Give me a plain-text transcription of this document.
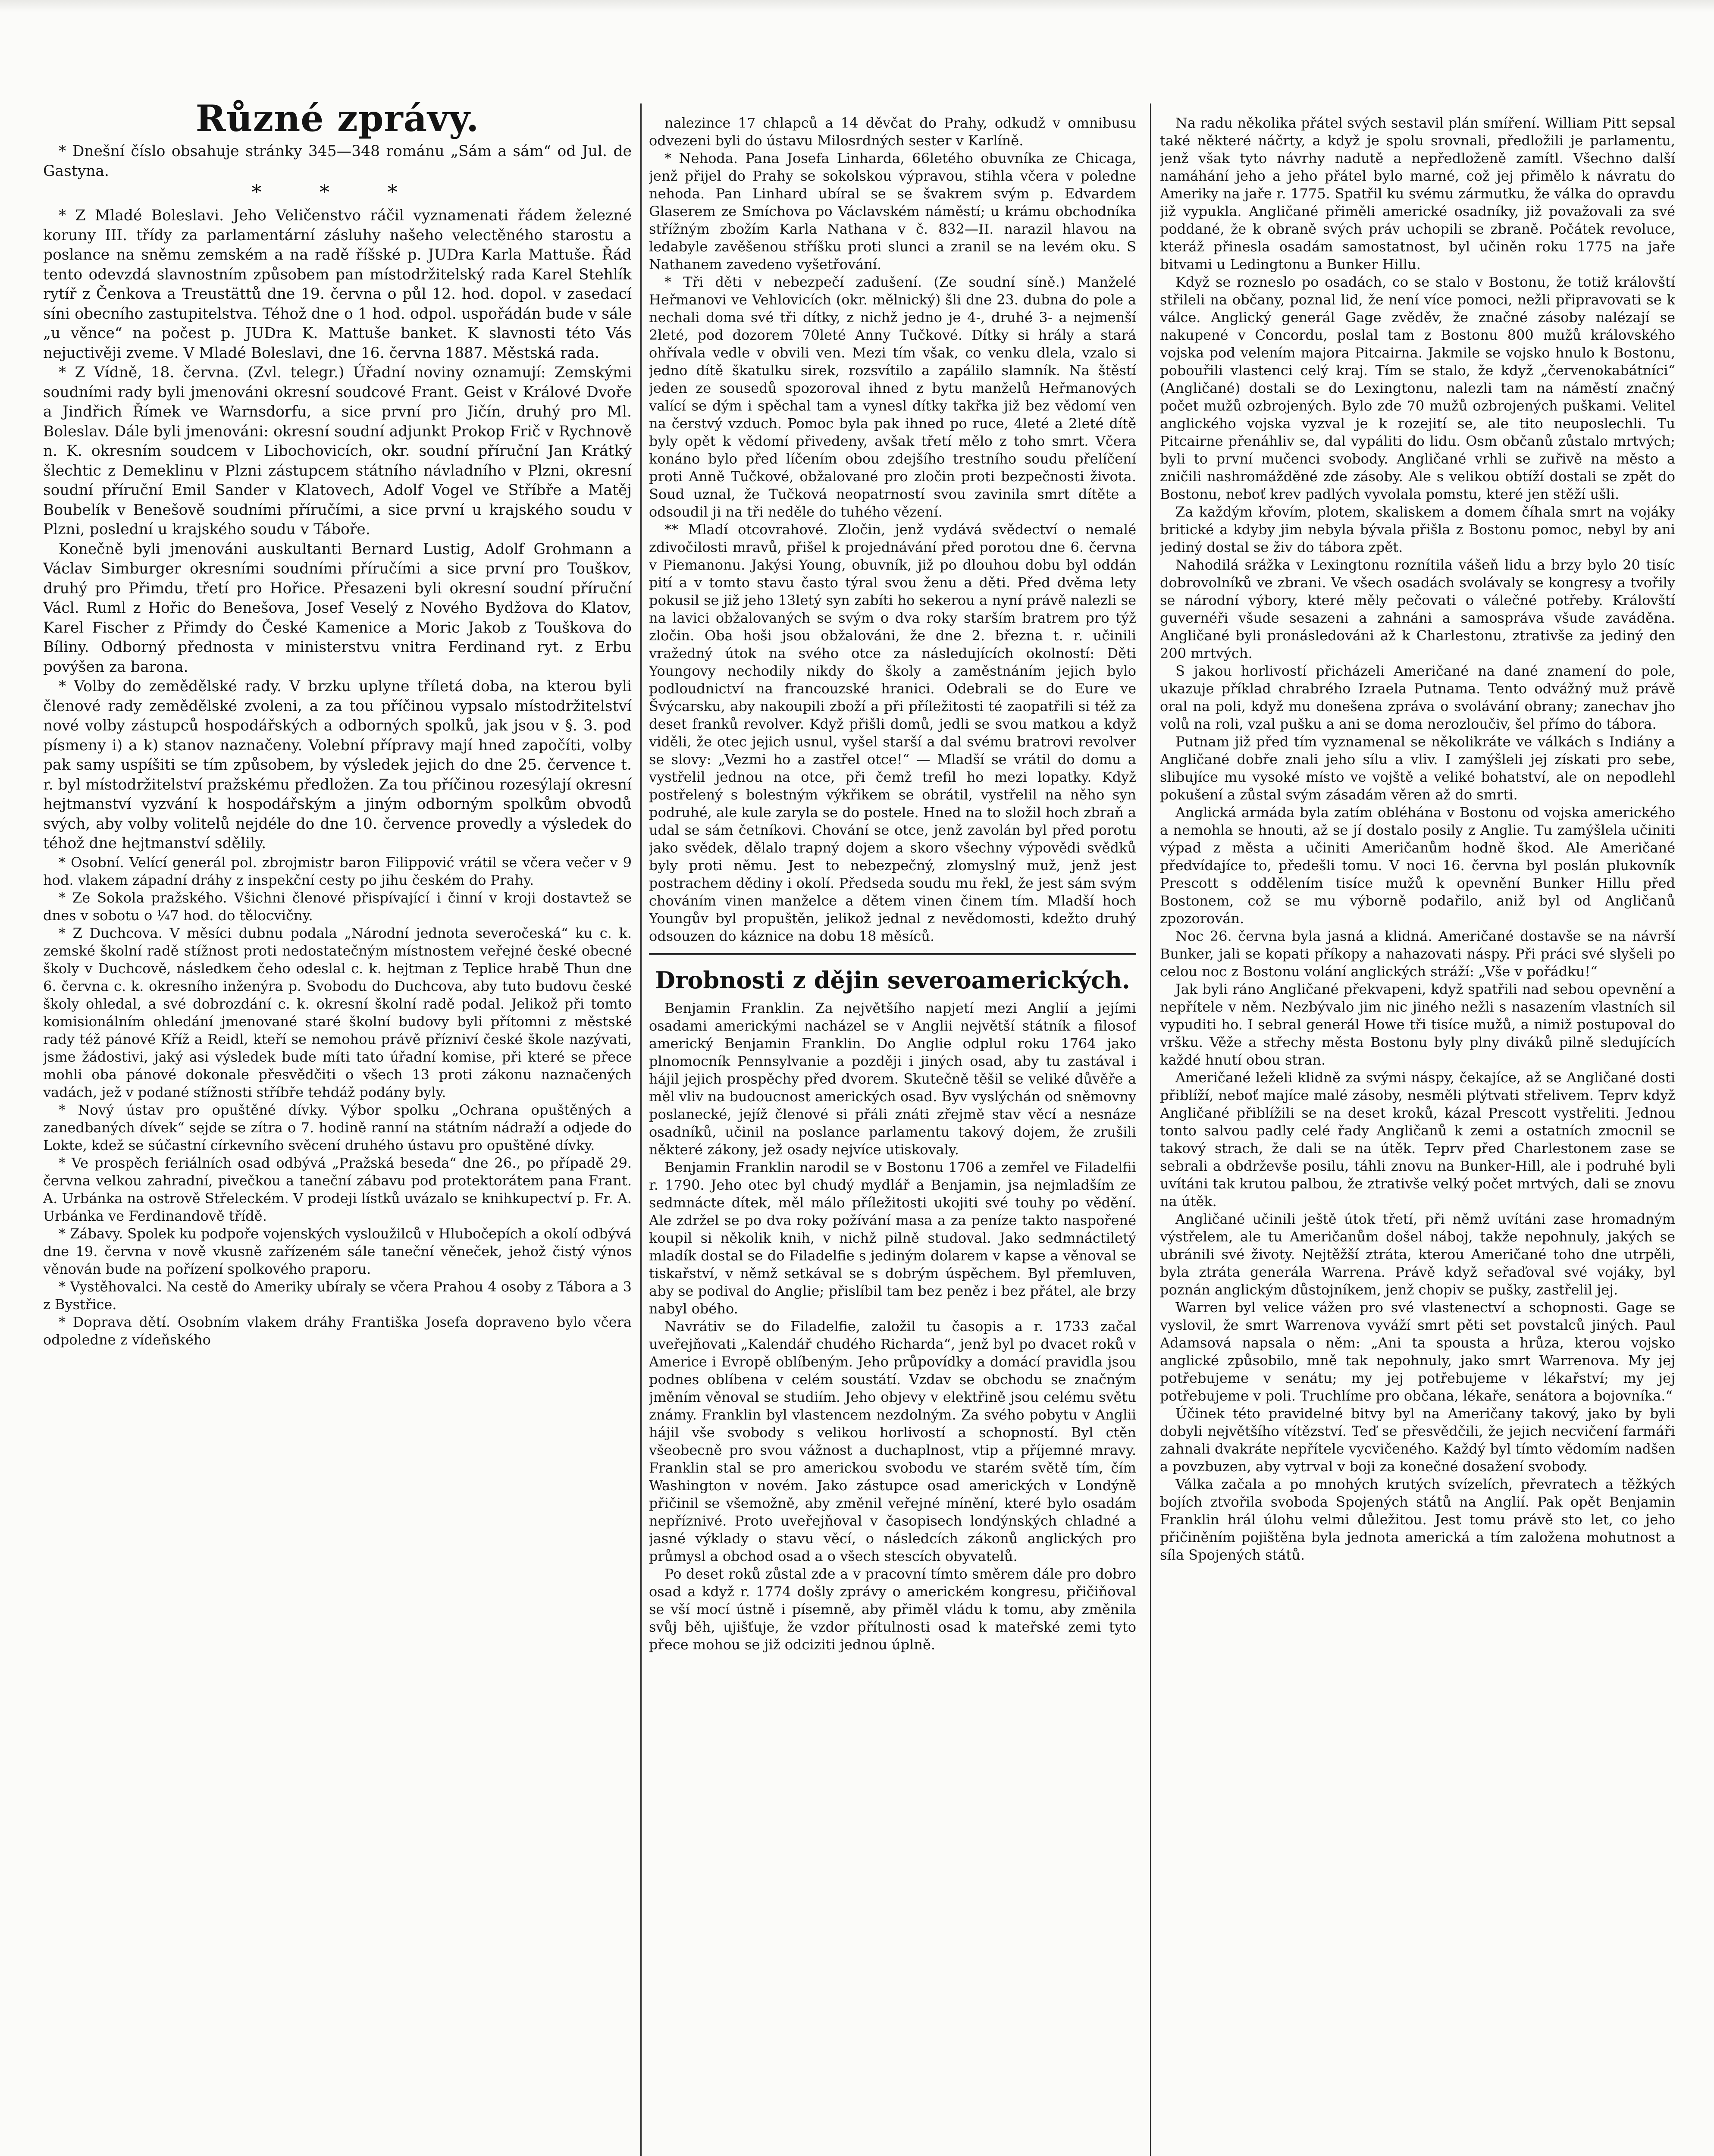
Různé zprávy.

* Dnešní číslo obsahuje stránky 345—348 románu „Sám a sám“ od Jul. de Gastyna.

* * *

* Z Mladé Boleslavi. Jeho Veličenstvo ráčil vyznamenati řádem železné koruny III. třídy za parlamentární zásluhy našeho velectěného starostu a poslance na sněmu zemském a na radě říšské p. JUDra Karla Mattuše. Řád tento odevzdá slavnostním způsobem pan místodržitelský rada Karel Stehlík rytíř z Čenkova a Treustättů dne 19. června o půl 12. hod. dopol. v zasedací síni obecního zastupitelstva. Téhož dne o 1 hod. odpol. uspořádán bude v sále „u věnce“ na počest p. JUDra K. Mattuše banket. K slavnosti této Vás nejuctivěji zveme. V Mladé Boleslavi, dne 16. června 1887. Městská rada.

* Z Vídně, 18. června. (Zvl. telegr.) Úřadní noviny oznamují: Zemskými soudními rady byli jmenováni okresní soudcové Frant. Geist v Králové Dvoře a Jindřich Římek ve Warnsdorfu, a sice první pro Jičín, druhý pro Ml. Boleslav. Dále byli jmenováni: okresní soudní adjunkt Prokop Frič v Rychnově n. K. okresním soudcem v Libochovicích, okr. soudní příruční Jan Krátký šlechtic z Demeklinu v Plzni zástupcem státního návladního v Plzni, okresní soudní příruční Emil Sander v Klatovech, Adolf Vogel ve Stříbře a Matěj Boubelík v Benešově soudními příručími, a sice první u krajského soudu v Plzni, poslední u krajského soudu v Táboře.

Konečně byli jmenováni auskultanti Bernard Lustig, Adolf Grohmann a Václav Simburger okresními soudními příručími a sice první pro Touškov, druhý pro Přimdu, třetí pro Hořice. Přesazeni byli okresní soudní příruční Václ. Ruml z Hořic do Benešova, Josef Veselý z Nového Bydžova do Klatov, Karel Fischer z Přimdy do České Kamenice a Moric Jakob z Touškova do Bíliny. Odborný přednosta v ministerstvu vnitra Ferdinand ryt. z Erbu povýšen za barona.

* Volby do zemědělské rady. V brzku uplyne tříletá doba, na kterou byli členové rady zemědělské zvoleni, a za tou příčinou vypsalo místodržitelství nové volby zástupců hospodářských a odborných spolků, jak jsou v §. 3. pod písmeny i) a k) stanov naznačeny. Volební přípravy mají hned započíti, volby pak samy uspíšiti se tím způsobem, by výsledek jejich do dne 25. července t. r. byl místodržitelství pražskému předložen. Za tou příčinou rozesýlají okresní hejtmanství vyzvání k hospodářským a jiným odborným spolkům obvodů svých, aby volby volitelů nejdéle do dne 10. července provedly a výsledek do téhož dne hejtmanství sdělily.

* Osobní. Velící generál pol. zbrojmistr baron Filippović vrátil se včera večer v 9 hod. vlakem západní dráhy z inspekční cesty po jihu českém do Prahy.

* Ze Sokola pražského. Všichni členové přispívající i činní v kroji dostavtež se dnes v sobotu o ¼7 hod. do tělocvičny.

* Z Duchcova. V měsíci dubnu podala „Národní jednota severočeská“ ku c. k. zemské školní radě stížnost proti nedostatečným místnostem veřejné české obecné školy v Duchcově, následkem čeho odeslal c. k. hejtman z Teplice hrabě Thun dne 6. června c. k. okresního inženýra p. Svobodu do Duchcova, aby tuto budovu české školy ohledal, a své dobrozdání c. k. okresní školní radě podal. Jelikož při tomto komisionálním ohledání jmenované staré školní budovy byli přítomni z městské rady též pánové Kříž a Reidl, kteří se nemohou právě přízniví české škole nazývati, jsme žádostivi, jaký asi výsledek bude míti tato úřadní komise, při které se přece mohli oba pánové dokonale přesvědčiti o všech 13 proti zákonu naznačených vadách, jež v podané stížnosti stříbře tehdáž podány byly.

* Nový ústav pro opuštěné dívky. Výbor spolku „Ochrana opuštěných a zanedbaných dívek“ sejde se zítra o 7. hodině ranní na státním nádraží a odjede do Lokte, kdež se súčastní církevního svěcení druhého ústavu pro opuštěné dívky.

* Ve prospěch feriálních osad odbývá „Pražská beseda“ dne 26., po případě 29. června velkou zahradní, pivečkou a taneční zábavu pod protektorátem pana Frant. A. Urbánka na ostrově Střeleckém. V prodeji lístků uvázalo se knihkupectví p. Fr. A. Urbánka ve Ferdinandově třídě.

* Zábavy. Spolek ku podpoře vojenských vysloužilců v Hlubočepích a okolí odbývá dne 19. června v nově vkusně zařízeném sále taneční věneček, jehož čistý výnos věnován bude na pořízení spolkového praporu.

* Vystěhovalci. Na cestě do Ameriky ubíraly se včera Prahou 4 osoby z Tábora a 3 z Bystřice.

* Doprava dětí. Osobním vlakem dráhy Františka Josefa dopraveno bylo včera odpoledne z vídeňského

nalezince 17 chlapců a 14 děvčat do Prahy, odkudž v omnibusu odvezeni byli do ústavu Milosrdných sester v Karlíně.

* Nehoda. Pana Josefa Linharda, 66letého obuvníka ze Chicaga, jenž přijel do Prahy se sokolskou výpravou, stihla včera v poledne nehoda. Pan Linhard ubíral se se švakrem svým p. Edvardem Glaserem ze Smíchova po Václavském náměstí; u krámu obchodníka střížným zbožím Karla Nathana v č. 832—II. narazil hlavou na ledabyle zavěšenou stříšku proti slunci a zranil se na levém oku. S Nathanem zavedeno vyšetřování.

* Tři děti v nebezpečí zadušení. (Ze soudní síně.) Manželé Heřmanovi ve Vehlovicích (okr. mělnický) šli dne 23. dubna do pole a nechali doma své tři dítky, z nichž jedno je 4-, druhé 3- a nejmenší 2leté, pod dozorem 70leté Anny Tučkové. Dítky si hrály a stará ohřívala vedle v obvili ven. Mezi tím však, co venku dlela, vzalo si jedno dítě škatulku sirek, rozsvítilo a zapálilo slamník. Na štěstí jeden ze sousedů spozoroval ihned z bytu manželů Heřmanových valící se dým i spěchal tam a vynesl dítky takřka již bez vědomí ven na čerstvý vzduch. Pomoc byla pak ihned po ruce, 4leté a 2leté dítě byly opět k vědomí přivedeny, avšak třetí mělo z toho smrt. Včera konáno bylo před líčením obou zdejšího trestního soudu přelíčení proti Anně Tučkové, obžalované pro zločin proti bezpečnosti života. Soud uznal, že Tučková neopatrností svou zavinila smrt dítěte a odsoudil ji na tři neděle do tuhého vězení.

** Mladí otcovrahové. Zločin, jenž vydává svědectví o nemalé zdivočilosti mravů, přišel k projednávání před porotou dne 6. června v Piemanonu. Jakýsi Young, obuvník, již po dlouhou dobu byl oddán pití a v tomto stavu často týral svou ženu a děti. Před dvěma lety pokusil se již jeho 13letý syn zabíti ho sekerou a nyní právě nalezli se na lavici obžalovaných se svým o dva roky starším bratrem pro týž zločin. Oba hoši jsou obžalováni, že dne 2. března t. r. učinili vražedný útok na svého otce za následujících okolností: Děti Youngovy nechodily nikdy do školy a zaměstnáním jejich bylo podloudnictví na francouzské hranici. Odebrali se do Eure ve Švýcarsku, aby nakoupili zboží a při příležitosti té zaopatřili si též za deset franků revolver. Když přišli domů, jedli se svou matkou a když viděli, že otec jejich usnul, vyšel starší a dal svému bratrovi revolver se slovy: „Vezmi ho a zastřel otce!“ — Mladší se vrátil do domu a vystřelil jednou na otce, při čemž trefil ho mezi lopatky. Když postřelený s bolestným výkřikem se obrátil, vystřelil na něho syn podruhé, ale kule zaryla se do postele. Hned na to složil hoch zbraň a udal se sám četníkovi. Chování se otce, jenž zavolán byl před porotu jako svědek, dělalo trapný dojem a skoro všechny výpovědi svědků byly proti němu. Jest to nebezpečný, zlomyslný muž, jenž jest postrachem dědiny i okolí. Předseda soudu mu řekl, že jest sám svým chováním vinen manželce a dětem vinen činem tím. Mladší hoch Youngův byl propuštěn, jelikož jednal z nevědomosti, kdežto druhý odsouzen do káznice na dobu 18 měsíců.

Drobnosti z dějin severoamerických.

Benjamin Franklin. Za největšího napjetí mezi Anglií a jejími osadami americkými nacházel se v Anglii největší státník a filosof americký Benjamin Franklin. Do Anglie odplul roku 1764 jako plnomocník Pennsylvanie a později i jiných osad, aby tu zastával i hájil jejich prospěchy před dvorem. Skutečně těšil se veliké důvěře a měl vliv na budoucnost amerických osad. Byv vyslýchán od sněmovny poslanecké, jejíž členové si přáli znáti zřejmě stav věcí a nesnáze osadníků, učinil na poslance parlamentu takový dojem, že zrušili některé zákony, jež osady nejvíce utiskovaly.

Benjamin Franklin narodil se v Bostonu 1706 a zemřel ve Filadelfii r. 1790. Jeho otec byl chudý mydlář a Benjamin, jsa nejmladším ze sedmnácte dítek, měl málo příležitosti ukojiti své touhy po vědění. Ale zdržel se po dva roky požívání masa a za peníze takto naspořené koupil si několik knih, v nichž pilně studoval. Jako sedmnáctiletý mladík dostal se do Filadelfie s jediným dolarem v kapse a věnoval se tiskařství, v němž setkával se s dobrým úspěchem. Byl přemluven, aby se podival do Anglie; přislíbil tam bez peněz i bez přátel, ale brzy nabyl obého.

Navrátiv se do Filadelfie, založil tu časopis a r. 1733 začal uveřejňovati „Kalendář chudého Richarda“, jenž byl po dvacet roků v Americe i Evropě oblíbeným. Jeho průpovídky a domácí pravidla jsou podnes oblíbena v celém soustátí. Vzdav se obchodu se značným jměním věnoval se studiím. Jeho objevy v elektřině jsou celému světu známy. Franklin byl vlastencem nezdolným. Za svého pobytu v Anglii hájil vše svobody s velikou horlivostí a schopností. Byl ctěn všeobecně pro svou vážnost a duchaplnost, vtip a příjemné mravy. Franklin stal se pro americkou svobodu ve starém světě tím, čím Washington v novém. Jako zástupce osad amerických v Londýně přičinil se všemožně, aby změnil veřejné mínění, které bylo osadám nepříznivé. Proto uveřejňoval v časopisech londýnských chladné a jasné výklady o stavu věcí, o následcích zákonů anglických pro průmysl a obchod osad a o všech stescích obyvatelů.

Po deset roků zůstal zde a v pracovní tímto směrem dále pro dobro osad a když r. 1774 došly zprávy o americkém kongresu, přičiňoval se vší mocí ústně i písemně, aby přiměl vládu k tomu, aby změnila svůj běh, ujišťuje, že vzdor přítulnosti osad k mateřské zemi tyto přece mohou se již odciziti jednou úplně.

Na radu několika přátel svých sestavil plán smíření. William Pitt sepsal také některé náčrty, a když je spolu srovnali, předložili je parlamentu, jenž však tyto návrhy nadutě a nepředloženě zamítl. Všechno další namáhání jeho a jeho přátel bylo marné, což jej přimělo k návratu do Ameriky na jaře r. 1775. Spatřil ku svému zármutku, že válka do opravdu již vypukla. Angličané přiměli americké osadníky, již považovali za své poddané, že k obraně svých práv uchopili se zbraně. Počátek revoluce, kteráž přinesla osadám samostatnost, byl učiněn roku 1775 na jaře bitvami u Ledingtonu a Bunker Hillu.

Když se rozneslo po osadách, co se stalo v Bostonu, že totiž královští střileli na občany, poznal lid, že není více pomoci, nežli připravovati se k válce. Anglický generál Gage zvěděv, že značné zásoby nalézají se nakupené v Concordu, poslal tam z Bostonu 800 mužů královského vojska pod velením majora Pitcairna. Jakmile se vojsko hnulo k Bostonu, pobouřili vlastenci celý kraj. Tím se stalo, že když „červenokabátníci“ (Angličané) dostali se do Lexingtonu, nalezli tam na náměstí značný počet mužů ozbrojených. Bylo zde 70 mužů ozbrojených puškami. Velitel anglického vojska vyzval je k rozejití se, ale tito neuposlechli. Tu Pitcairne přenáhliv se, dal vypáliti do lidu. Osm občanů zůstalo mrtvých; byli to první mučenci svobody. Angličané vrhli se zuřivě na město a zničili nashromážděné zde zásoby. Ale s velikou obtíží dostali se zpět do Bostonu, neboť krev padlých vyvolala pomstu, které jen stěží ušli.

Za každým křovím, plotem, skaliskem a domem číhala smrt na vojáky britické a kdyby jim nebyla bývala přišla z Bostonu pomoc, nebyl by ani jediný dostal se živ do tábora zpět.

Nahodilá srážka v Lexingtonu roznítila vášeň lidu a brzy bylo 20 tisíc dobrovolníků ve zbrani. Ve všech osadách svolávaly se kongresy a tvořily se národní výbory, které měly pečovati o válečné potřeby. Královští guvernéři všude sesazeni a zahnáni a samospráva všude zaváděna. Angličané byli pronásledováni až k Charlestonu, ztrativše za jediný den 200 mrtvých.

S jakou horlivostí přicházeli Američané na dané znamení do pole, ukazuje příklad chrabrého Izraela Putnama. Tento odvážný muž právě oral na poli, když mu donešena zpráva o svolávání obrany; zanechav jho volů na roli, vzal pušku a ani se doma nerozloučiv, šel přímo do tábora.

Putnam již před tím vyznamenal se několikráte ve válkách s Indiány a Angličané dobře znali jeho sílu a vliv. I zamýšleli jej získati pro sebe, slibujíce mu vysoké místo ve vojště a veliké bohatství, ale on nepodlehl pokušení a zůstal svým zásadám věren až do smrti.

Anglická armáda byla zatím obléhána v Bostonu od vojska amerického a nemohla se hnouti, až se jí dostalo posily z Anglie. Tu zamýšlela učiniti výpad z města a učiniti Američanům hodně škod. Ale Američané předvídajíce to, předešli tomu. V noci 16. června byl poslán plukovník Prescott s oddělením tisíce mužů k opevnění Bunker Hillu před Bostonem, což se mu výborně podařilo, aniž byl od Angličanů zpozorován.

Noc 26. června byla jasná a klidná. Američané dostavše se na návrší Bunker, jali se kopati příkopy a nahazovati náspy. Při práci své slyšeli po celou noc z Bostonu volání anglických stráží: „Vše v pořádku!“

Jak byli ráno Angličané překvapeni, když spatřili nad sebou opevnění a nepřítele v něm. Nezbývalo jim nic jiného nežli s nasazením vlastních sil vypuditi ho. I sebral generál Howe tři tisíce mužů, a nimiž postupoval do vršku. Věže a střechy města Bostonu byly plny diváků pilně sledujících každé hnutí obou stran.

Američané leželi klidně za svými náspy, čekajíce, až se Angličané dosti přiblíží, neboť majíce malé zásoby, nesměli plýtvati střelivem. Teprv když Angličané přiblížili se na deset kroků, kázal Prescott vystřeliti. Jednou tonto salvou padly celé řady Angličanů k zemi a ostatních zmocnil se takový strach, že dali se na útěk. Teprv před Charlestonem zase se sebrali a obdrževše posilu, táhli znovu na Bunker-Hill, ale i podruhé byli uvítáni tak krutou palbou, že ztrativše velký počet mrtvých, dali se znovu na útěk.

Angličané učinili ještě útok třetí, při němž uvítáni zase hromadným výstřelem, ale tu Američanům došel náboj, takže nepohnuly, jakých se ubránili své životy. Nejtěžší ztráta, kterou Američané toho dne utrpěli, byla ztráta generála Warrena. Právě když seřaďoval své vojáky, byl poznán anglickým důstojníkem, jenž chopiv se pušky, zastřelil jej.

Warren byl velice vážen pro své vlastenectví a schopnosti. Gage se vyslovil, že smrt Warrenova vyváží smrt pěti set povstalců jiných. Paul Adamsová napsala o něm: „Ani ta spousta a hrůza, kterou vojsko anglické způsobilo, mně tak nepohnuly, jako smrt Warrenova. My jej potřebujeme v senátu; my jej potřebujeme v lékařství; my jej potřebujeme v poli. Truchlíme pro občana, lékaře, senátora a bojovníka.“

Účinek této pravidelné bitvy byl na Američany takový, jako by byli dobyli největšího vítězství. Teď se přesvědčili, že jejich necvičení farmáři zahnali dvakráte nepřítele vycvičeného. Každý byl tímto vědomím nadšen a povzbuzen, aby vytrval v boji za konečné dosažení svobody.

Válka začala a po mnohých krutých svízelích, převratech a těžkých bojích ztvořila svoboda Spojených států na Anglií. Pak opět Benjamin Franklin hrál úlohu velmi důležitou. Jest tomu právě sto let, co jeho přičiněním pojištěna byla jednota americká a tím založena mohutnost a síla Spojených států.
